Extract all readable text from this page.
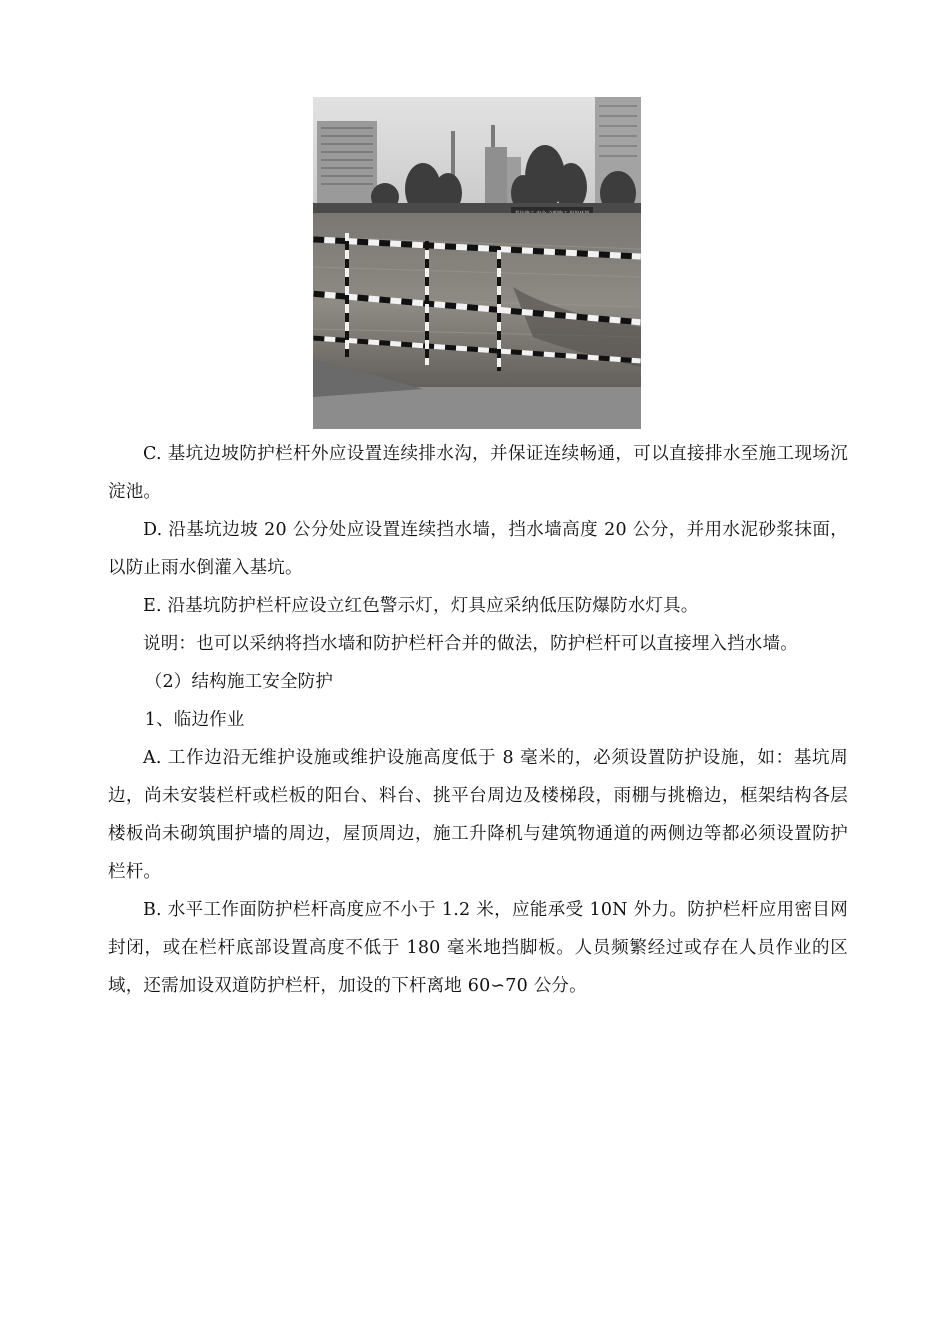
C. 基坑边坡防护栏杆外应设置连续排水沟，并保证连续畅通，可以直接排水至施工现场沉淀池。

D. 沿基坑边坡 20 公分处应设置连续挡水墙，挡水墙高度 20 公分，并用水泥砂浆抹面，以防止雨水倒灌入基坑。

E. 沿基坑防护栏杆应设立红色警示灯，灯具应采纳低压防爆防水灯具。

说明：也可以采纳将挡水墙和防护栏杆合并的做法，防护栏杆可以直接埋入挡水墙。

（2）结构施工安全防护

1、临边作业

A. 工作边沿无维护设施或维护设施高度低于 8 毫米的，必须设置防护设施，如：基坑周边，尚未安装栏杆或栏板的阳台、料台、挑平台周边及楼梯段，雨棚与挑檐边，框架结构各层楼板尚未砌筑围护墙的周边，屋顶周边，施工升降机与建筑物通道的两侧边等都必须设置防护栏杆。

B. 水平工作面防护栏杆高度应不小于 1.2 米，应能承受 10N 外力。防护栏杆应用密目网封闭，或在栏杆底部设置高度不低于 180 毫米地挡脚板。人员频繁经过或存在人员作业的区域，还需加设双道防护栏杆，加设的下杆离地 60∽70 公分。
